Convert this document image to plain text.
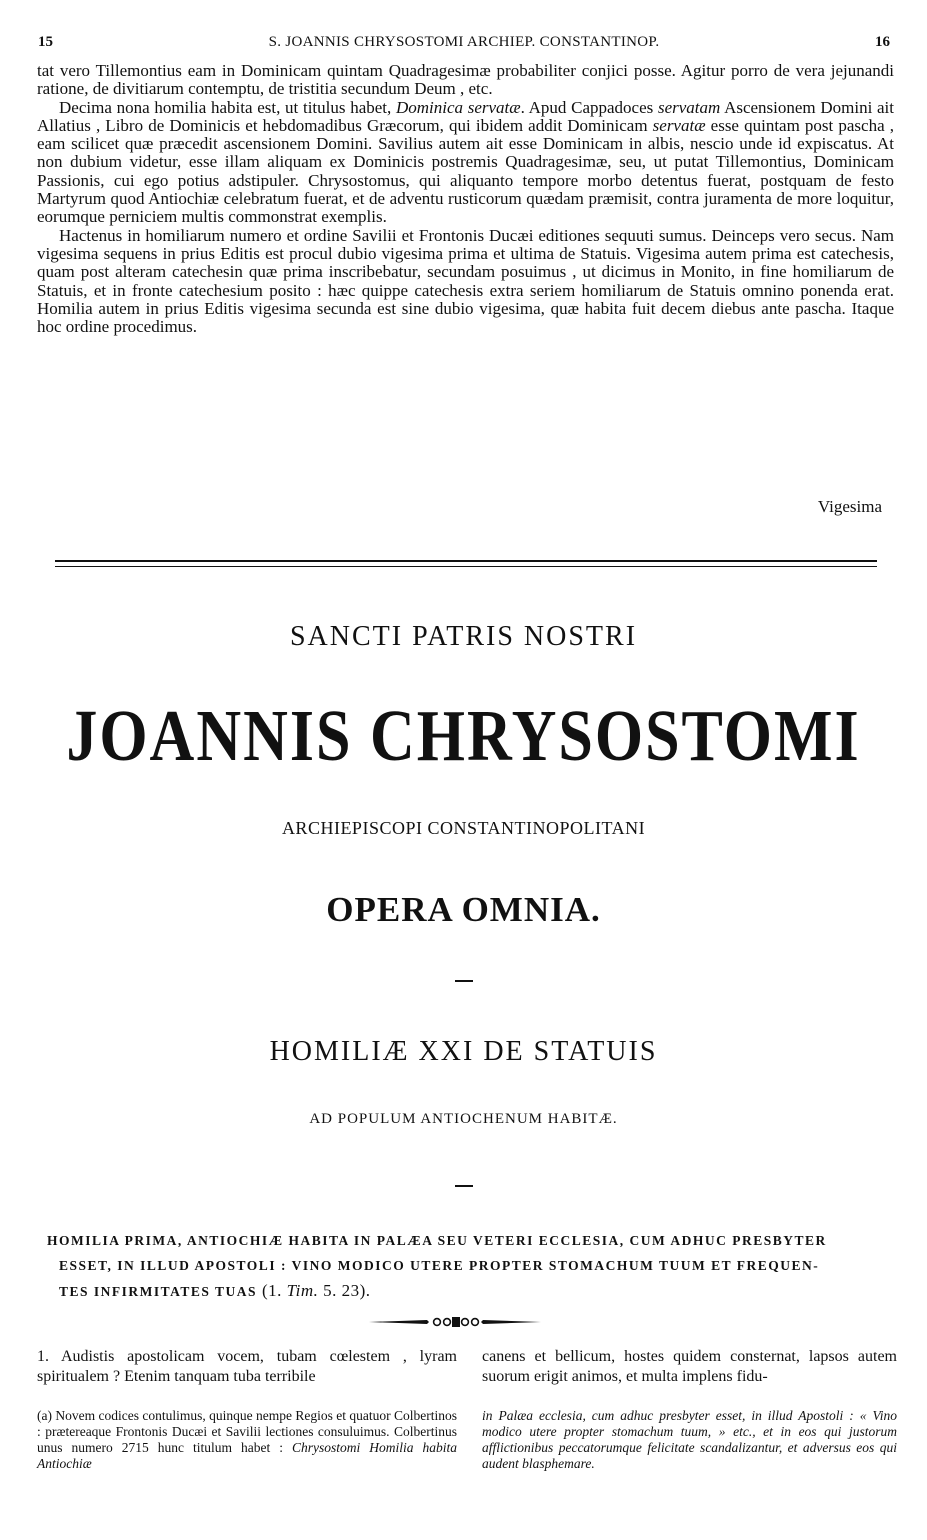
15	S. JOANNIS CHRYSOSTOMI ARCHIEP. CONSTANTINOP.	16

tat vero Tillemontius eam in Dominicam quintam Quadragesimæ probabiliter conjici posse. Agitur porro de vera jejunandi ratione, de divitiarum contemptu, de tristitia secundum Deum , etc.

Decima nona homilia habita est, ut titulus habet, Dominica servatæ. Apud Cappadoces servatam Ascensionem Domini ait Allatius , Libro de Dominicis et hebdomadibus Græcorum, qui ibidem addit Dominicam servatæ esse quintam post pascha , eam scilicet quæ præcedit ascensionem Domini. Savilius autem ait esse Dominicam in albis, nescio unde id expiscatus. At non dubium videtur, esse illam aliquam ex Dominicis postremis Quadragesimæ, seu, ut putat Tillemontius, Dominicam Passionis, cui ego potius adstipuler. Chrysostomus, qui aliquanto tempore morbo detentus fuerat, postquam de festo Martyrum quod Antiochiæ celebratum fuerat, et de adventu rusticorum quædam præmisit, contra juramenta de more loquitur, eorumque perniciem multis commonstrat exemplis.

Hactenus in homiliarum numero et ordine Savilii et Frontonis Ducæi editiones sequuti sumus. Deinceps vero secus. Nam vigesima sequens in prius Editis est procul dubio vigesima prima et ultima de Statuis. Vigesima autem prima est catechesis, quam post alteram catechesin quæ prima inscribebatur, secundam posuimus , ut dicimus in Monito, in fine homiliarum de Statuis, et in fronte catechesium posito : hæc quippe catechesis extra seriem homiliarum de Statuis omnino ponenda erat. Homilia autem in prius Editis vigesima secunda est sine dubio vigesima, quæ habita fuit decem diebus ante pascha. Itaque hoc ordine procedimus.

Vigesima
SANCTI PATRIS NOSTRI
JOANNIS CHRYSOSTOMI
ARCHIEPISCOPI CONSTANTINOPOLITANI
OPERA OMNIA.
HOMILIÆ XXI DE STATUIS
AD POPULUM ANTIOCHENUM HABITÆ.
HOMILIA PRIMA, ANTIOCHIÆ HABITA IN PALÆA SEU VETERI ECCLESIA, CUM ADHUC PRESBYTER
ESSET, IN ILLUD APOSTOLI : VINO MODICO UTERE PROPTER STOMACHUM TUUM ET FREQUEN-
TES INFIRMITATES TUAS (1. Tim. 5. 23).

1. Audistis apostolicam vocem, tubam cœlestem , lyram spiritualem ? Etenim tanquam tuba terribile

canens et bellicum, hostes quidem consternat, lapsos autem suorum erigit animos, et multa implens fidu-

(a) Novem codices contulimus, quinque nempe Regios et quatuor Colbertinos : prætereaque Frontonis Ducæi et Savilii lectiones consuluimus. Colbertinus unus numero 2715 hunc titulum habet : Chrysostomi Homilia habita Antiochiæ

in Palæa ecclesia, cum adhuc presbyter esset, in illud Apostoli : « Vino modico utere propter stomachum tuum, » etc., et in eos qui justorum afflictionibus peccatorumque felicitate scandalizantur, et adversus eos qui audent blasphemare.
